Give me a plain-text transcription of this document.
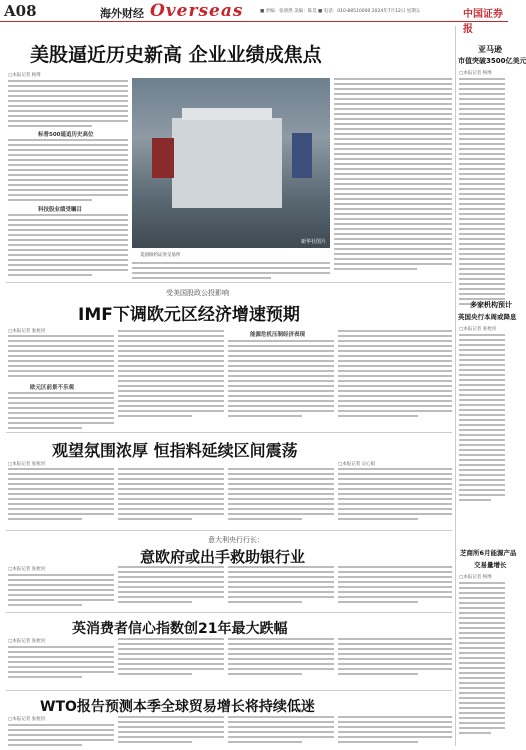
A08	海外财经 Overseas	■ 责编：张倩然 美编：陈昊 ■ 电话：010-88510000 2024年7月12日 星期五	中国证券报
美股逼近历史新高 企业业绩成焦点
□本报记者 杨博
标普500遥追历史高位
科技股业绩受瞩目
新华社图片
美国纽约证券交易所
亚马逊
市值突破3500亿美元
□本报记者 杨博
受美国股政公投影响
IMF下调欧元区经济增速预期
□本报记者 张枕河
欧元区前景不乐观
能源危机压制经济表现
多家机构预计
英国央行本周或降息
□本报记者 张枕河
观望氛围浓厚 恒指料延续区间震荡
□本报记者 张枕河	□本报记者 吴心韬
芝商所6月能源产品
交易量增长
□本报记者 杨博
意大利央行行长：
意欧府或出手救助银行业
□本报记者 张枕河
英消费者信心指数创21年最大跌幅
□本报记者 张枕河
WTO报告预测本季全球贸易增长将持续低迷
□本报记者 张枕河
